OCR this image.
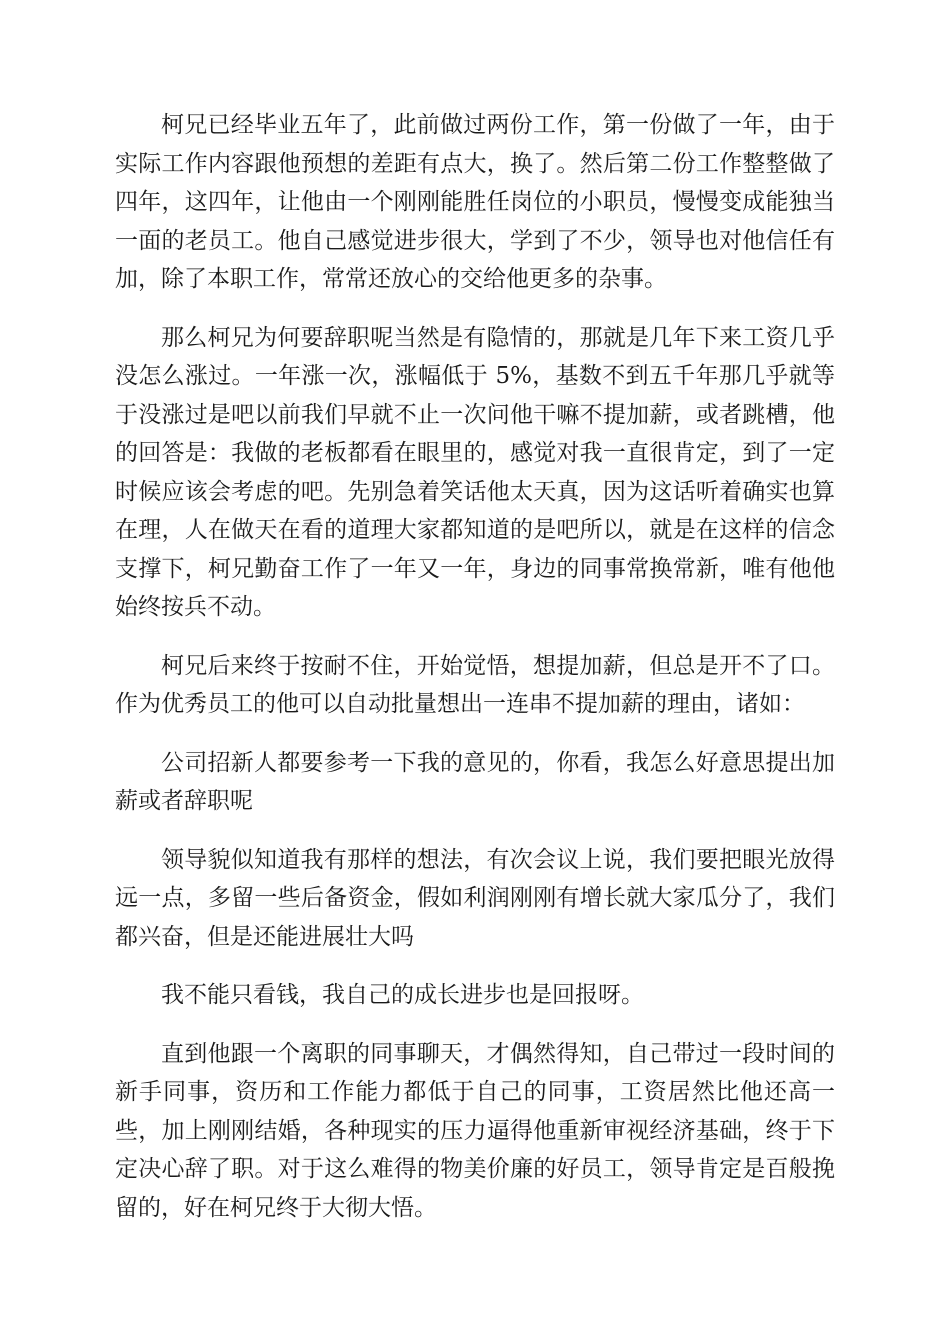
柯兄已经毕业五年了，此前做过两份工作，第一份做了一年，由于实际工作内容跟他预想的差距有点大，换了。然后第二份工作整整做了四年，这四年，让他由一个刚刚能胜任岗位的小职员，慢慢变成能独当一面的老员工。他自己感觉进步很大，学到了不少，领导也对他信任有加，除了本职工作，常常还放心的交给他更多的杂事。

那么柯兄为何要辞职呢当然是有隐情的，那就是几年下来工资几乎没怎么涨过。一年涨一次，涨幅低于 5%，基数不到五千年那几乎就等于没涨过是吧以前我们早就不止一次问他干嘛不提加薪，或者跳槽，他的回答是：我做的老板都看在眼里的，感觉对我一直很肯定，到了一定时候应该会考虑的吧。先别急着笑话他太天真，因为这话听着确实也算在理，人在做天在看的道理大家都知道的是吧所以，就是在这样的信念支撑下，柯兄勤奋工作了一年又一年，身边的同事常换常新，唯有他他始终按兵不动。

柯兄后来终于按耐不住，开始觉悟，想提加薪，但总是开不了口。作为优秀员工的他可以自动批量想出一连串不提加薪的理由，诸如：

公司招新人都要参考一下我的意见的，你看，我怎么好意思提出加薪或者辞职呢

领导貌似知道我有那样的想法，有次会议上说，我们要把眼光放得远一点，多留一些后备资金，假如利润刚刚有增长就大家瓜分了，我们都兴奋，但是还能进展壮大吗

我不能只看钱，我自己的成长进步也是回报呀。

直到他跟一个离职的同事聊天，才偶然得知，自己带过一段时间的新手同事，资历和工作能力都低于自己的同事，工资居然比他还高一些，加上刚刚结婚，各种现实的压力逼得他重新审视经济基础，终于下定决心辞了职。对于这么难得的物美价廉的好员工，领导肯定是百般挽留的，好在柯兄终于大彻大悟。
